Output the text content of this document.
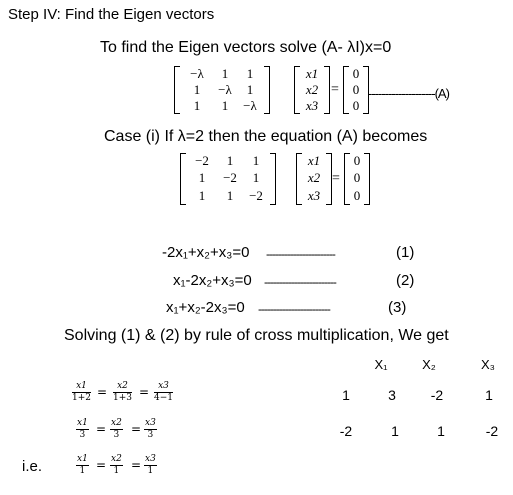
Step IV: Find the Eigen vectors
To find the Eigen vectors solve (A- λI)x=0
−λ	1	1
1	−λ	1
1	1	−λ
x1
x2
x3
=
0
0
0
--------------------(A)
Case (i) If λ=2 then the equation (A) becomes
−2	1	1
1	−2	1
1	1	−2
x1
x2
x3
=
0
0
0
-2x₁+x₂+x₃=0 -----------------------	(1)
x₁-2x₂+x₃=0 ------------------------	(2)
x₁+x₂-2x₃=0 ------------------------	(3)
Solving (1) & (2) by rule of cross multiplication, We get
X₁	X₂	X₃
1	3	-2	1
-2	1	1	-2
x1
1+2 = x2
1+3 = x3
4−1
x1
3 = x2
3 = x3
3
i.e.	x1
1 = x2
1 = x3
1
